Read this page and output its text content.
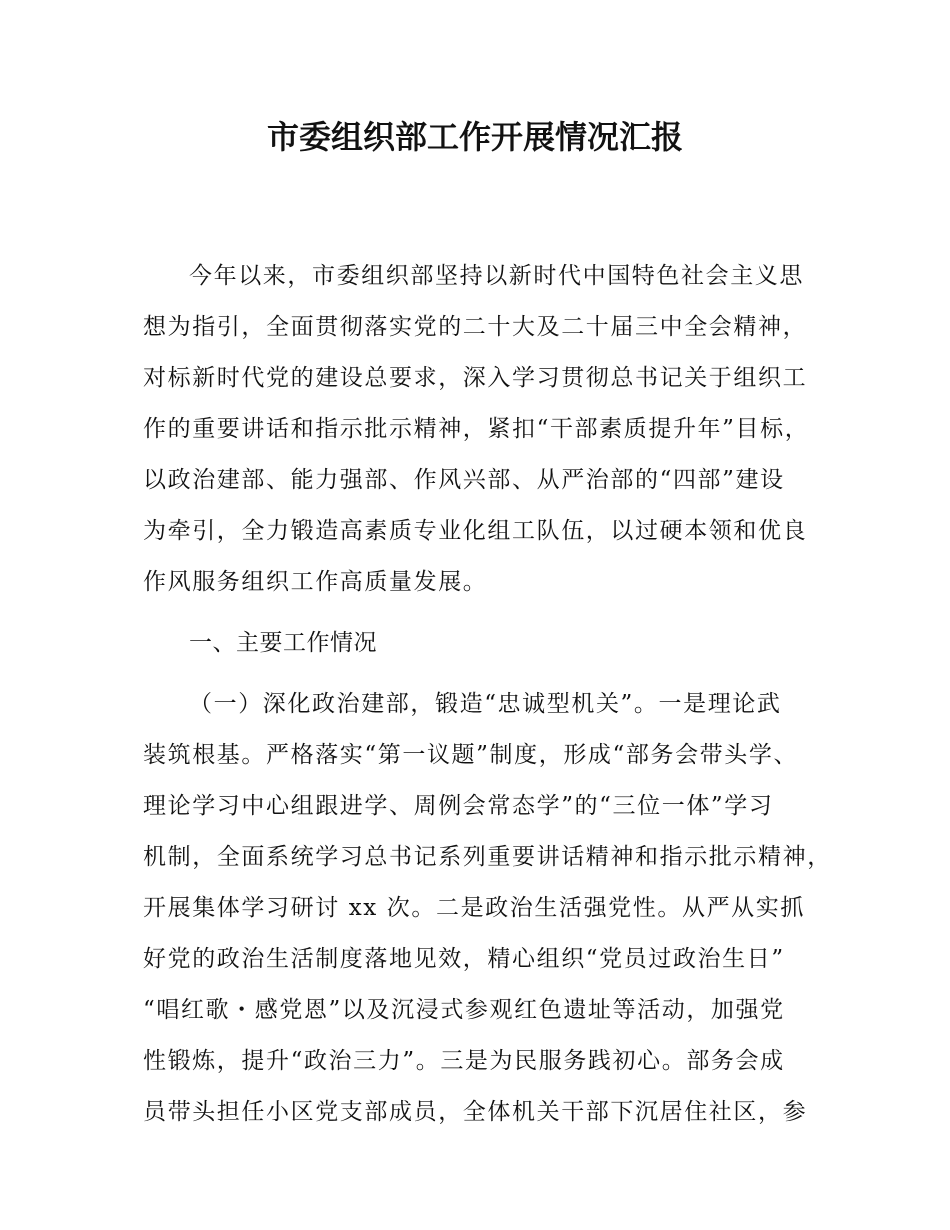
市委组织部工作开展情况汇报
今年以来，市委组织部坚持以新时代中国特色社会主义思
想为指引，全面贯彻落实党的二十大及二十届三中全会精神，
对标新时代党的建设总要求，深入学习贯彻总书记关于组织工
作的重要讲话和指示批示精神，紧扣“干部素质提升年”目标，
以政治建部、能力强部、作风兴部、从严治部的“四部”建设
为牵引，全力锻造高素质专业化组工队伍，以过硬本领和优良
作风服务组织工作高质量发展。
一、主要工作情况
（一）深化政治建部，锻造“忠诚型机关”。一是理论武
装筑根基。严格落实“第一议题”制度，形成“部务会带头学、
理论学习中心组跟进学、周例会常态学”的“三位一体”学习
机制，全面系统学习总书记系列重要讲话精神和指示批示精神，
开展集体学习研讨 xx 次。二是政治生活强党性。从严从实抓
好党的政治生活制度落地见效，精心组织“党员过政治生日”
“唱红歌・感党恩”以及沉浸式参观红色遗址等活动，加强党
性锻炼，提升“政治三力”。三是为民服务践初心。部务会成
员带头担任小区党支部成员，全体机关干部下沉居住社区，参
